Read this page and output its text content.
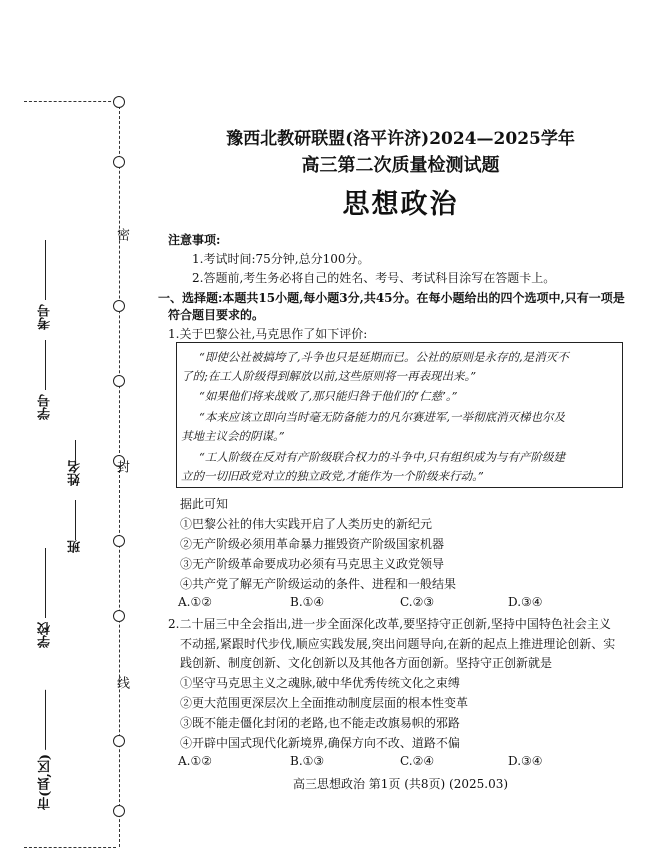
密
封
线
考号
学号
姓名
班
学校
市(县,区)
豫西北教研联盟(洛平许济)2024—2025学年
高三第二次质量检测试题
思想政治
注意事项:
1.考试时间:75分钟,总分100分。
2.答题前,考生务必将自己的姓名、考号、考试科目涂写在答题卡上。
一、选择题:本题共15小题,每小题3分,共45分。在每小题给出的四个选项中,只有一项是
符合题目要求的。
1.关于巴黎公社,马克思作了如下评价:
“即使公社被搞垮了,斗争也只是延期而已。公社的原则是永存的,是消灭不
了的;在工人阶级得到解放以前,这些原则将一再表现出来。”
“如果他们将来战败了,那只能归咎于他们的‘仁慈’。”
“本来应该立即向当时毫无防备能力的凡尔赛进军,一举彻底消灭梯也尔及
其地主议会的阴谋。”
“工人阶级在反对有产阶级联合权力的斗争中,只有组织成为与有产阶级建
立的一切旧政党对立的独立政党,才能作为一个阶级来行动。”
据此可知
①巴黎公社的伟大实践开启了人类历史的新纪元
②无产阶级必须用革命暴力摧毁资产阶级国家机器
③无产阶级革命要成功必须有马克思主义政党领导
④共产党了解无产阶级运动的条件、进程和一般结果
A.①②	B.①④	C.②③	D.③④
2.二十届三中全会指出,进一步全面深化改革,要坚持守正创新,坚持中国特色社会主义
不动摇,紧跟时代步伐,顺应实践发展,突出问题导向,在新的起点上推进理论创新、实
践创新、制度创新、文化创新以及其他各方面创新。坚持守正创新就是
①坚守马克思主义之魂脉,破中华优秀传统文化之束缚
②更大范围更深层次上全面推动制度层面的根本性变革
③既不能走僵化封闭的老路,也不能走改旗易帜的邪路
④开辟中国式现代化新境界,确保方向不改、道路不偏
A.①②	B.①③	C.②④	D.③④
高三思想政治 第1页 (共8页) (2025.03)
